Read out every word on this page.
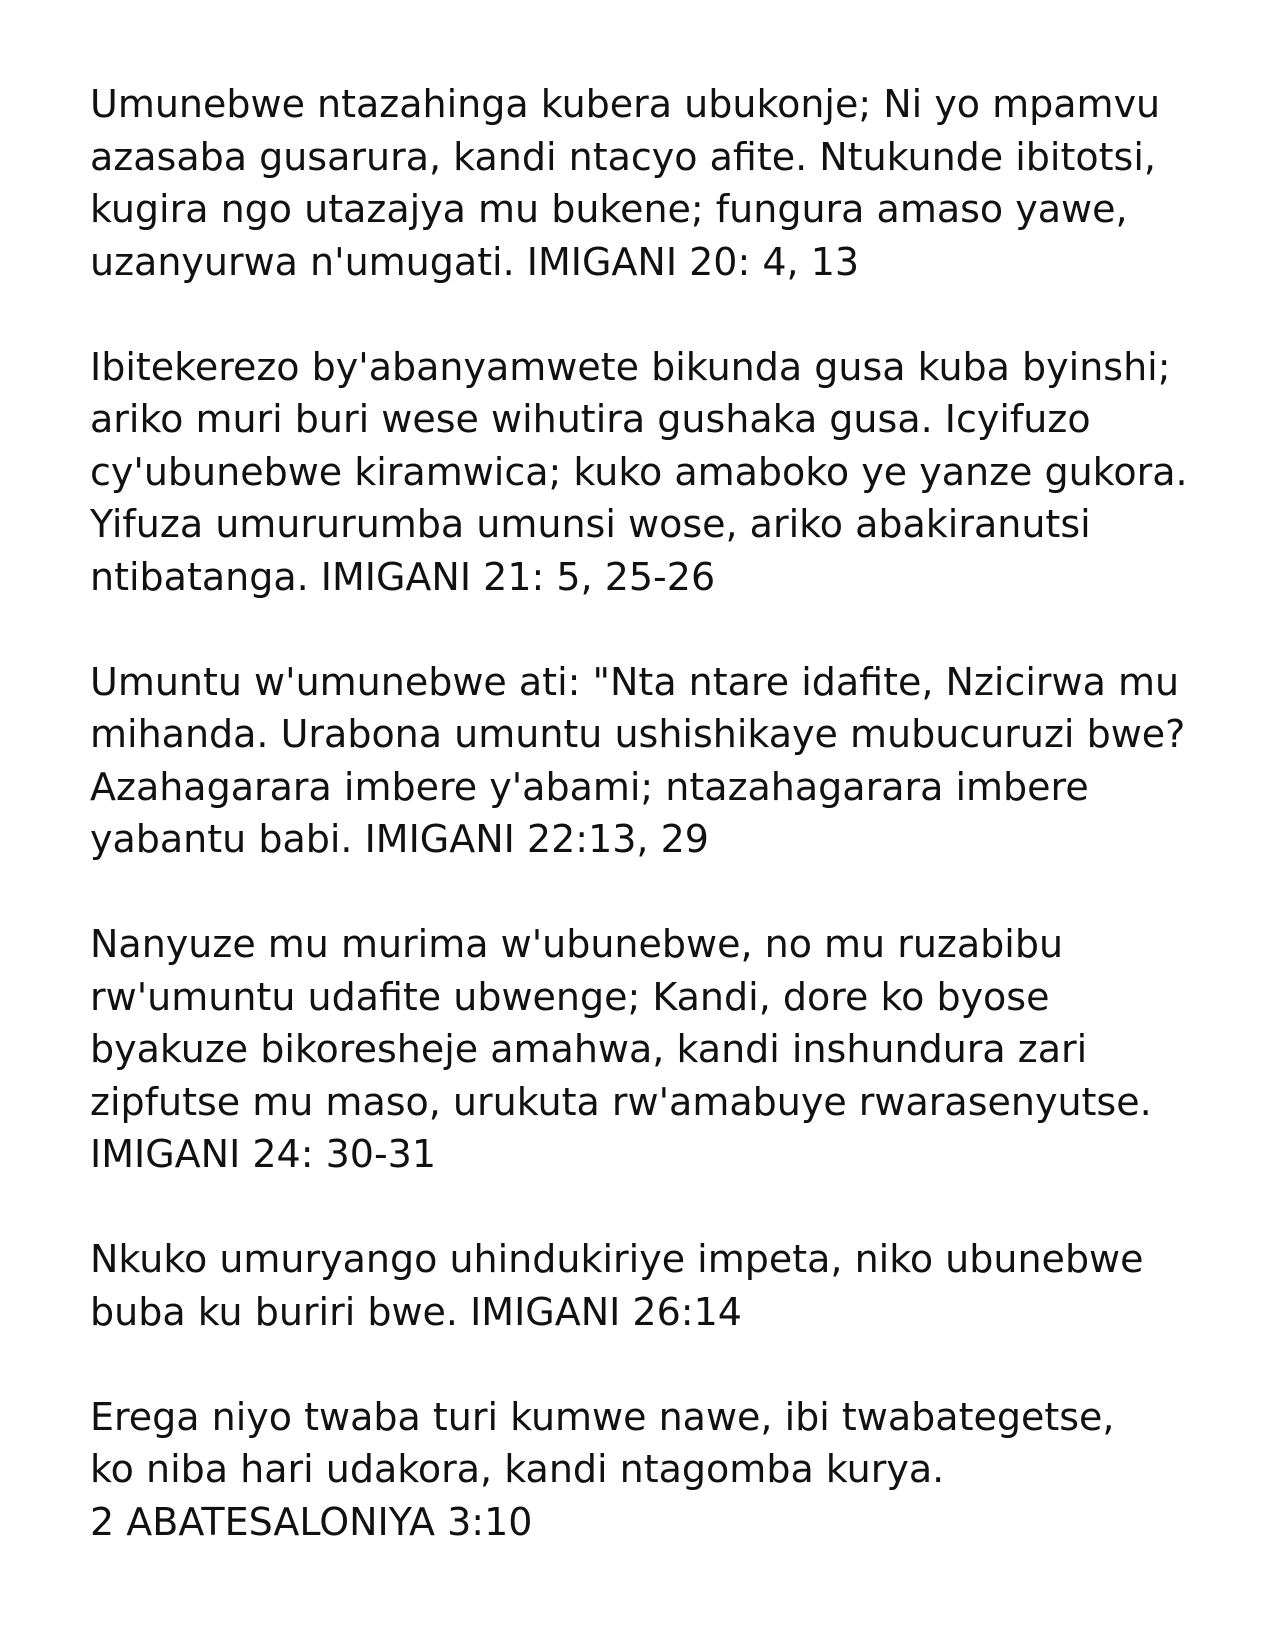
Umunebwe ntazahinga kubera ubukonje; Ni yo mpamvu
azasaba gusarura, kandi ntacyo afite. Ntukunde ibitotsi,
kugira ngo utazajya mu bukene; fungura amaso yawe,
uzanyurwa n'umugati. IMIGANI 20: 4, 13

Ibitekerezo by'abanyamwete bikunda gusa kuba byinshi;
ariko muri buri wese wihutira gushaka gusa. Icyifuzo
cy'ubunebwe kiramwica; kuko amaboko ye yanze gukora.
Yifuza umururumba umunsi wose, ariko abakiranutsi
ntibatanga. IMIGANI 21: 5, 25-26

Umuntu w'umunebwe ati: "Nta ntare idafite, Nzicirwa mu
mihanda. Urabona umuntu ushishikaye mubucuruzi bwe?
Azahagarara imbere y'abami; ntazahagarara imbere
yabantu babi. IMIGANI 22:13, 29

Nanyuze mu murima w'ubunebwe, no mu ruzabibu
rw'umuntu udafite ubwenge; Kandi, dore ko byose
byakuze bikoresheje amahwa, kandi inshundura zari
zipfutse mu maso, urukuta rw'amabuye rwarasenyutse.
IMIGANI 24: 30-31

Nkuko umuryango uhindukiriye impeta, niko ubunebwe
buba ku buriri bwe. IMIGANI 26:14

Erega niyo twaba turi kumwe nawe, ibi twabategetse,
ko niba hari udakora, kandi ntagomba kurya.
2 ABATESALONIYA 3:10
